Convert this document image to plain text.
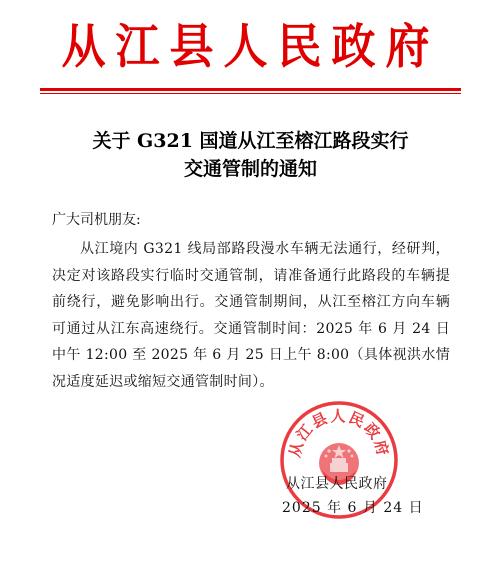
从江县人民政府
关于 G321 国道从江至榕江路段实行
交通管制的通知
广大司机朋友:
从江境内 G321 线局部路段漫水车辆无法通行，经研判，决定对该路段实行临时交通管制，请准备通行此路段的车辆提前绕行，避免影响出行。交通管制期间，从江至榕江方向车辆可通过从江东高速绕行。交通管制时间：2025 年 6 月 24 日中午 12:00 至 2025 年 6 月 25 日上午 8:00（具体视洪水情况适度延迟或缩短交通管制时间）。
从江县人民政府
从江县人民政府
2025 年 6 月 24 日
